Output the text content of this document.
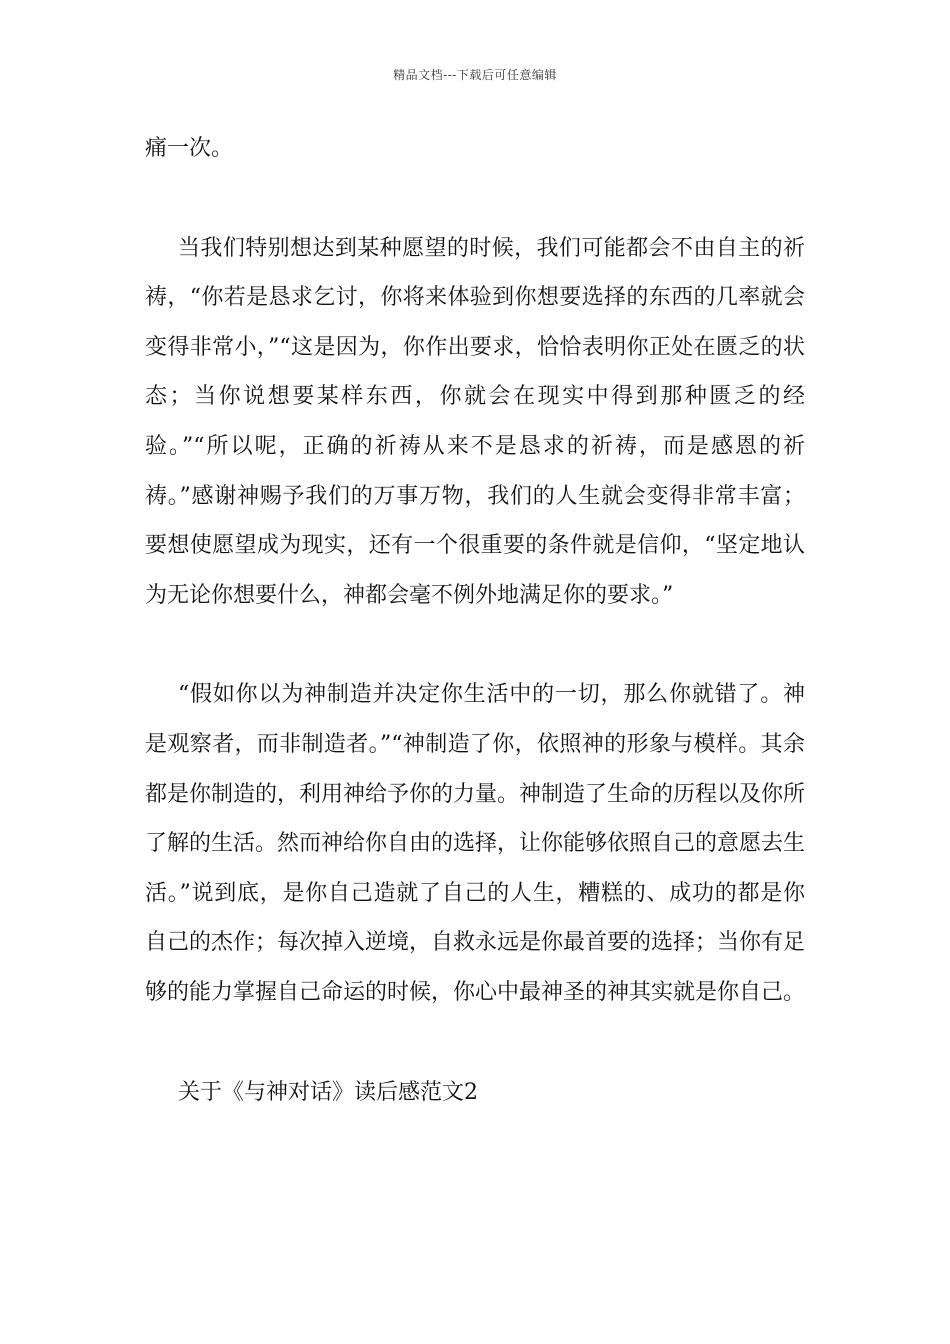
精品文档---下载后可任意编辑

痛一次。

当我们特别想达到某种愿望的时候，我们可能都会不由自主的祈祷，“你若是恳求乞讨，你将来体验到你想要选择的东西的几率就会变得非常小，”“这是因为，你作出要求，恰恰表明你正处在匮乏的状态；当你说想要某样东西，你就会在现实中得到那种匮乏的经验。”“所以呢，正确的祈祷从来不是恳求的祈祷，而是感恩的祈祷。”感谢神赐予我们的万事万物，我们的人生就会变得非常丰富；要想使愿望成为现实，还有一个很重要的条件就是信仰，“坚定地认为无论你想要什么，神都会毫不例外地满足你的要求。”

“假如你以为神制造并决定你生活中的一切，那么你就错了。神是观察者，而非制造者。”“神制造了你，依照神的形象与模样。其余都是你制造的，利用神给予你的力量。神制造了生命的历程以及你所了解的生活。然而神给你自由的选择，让你能够依照自己的意愿去生活。”说到底，是你自己造就了自己的人生，糟糕的、成功的都是你自己的杰作；每次掉入逆境，自救永远是你最首要的选择；当你有足够的能力掌握自己命运的时候，你心中最神圣的神其实就是你自己。

关于《与神对话》读后感范文2
